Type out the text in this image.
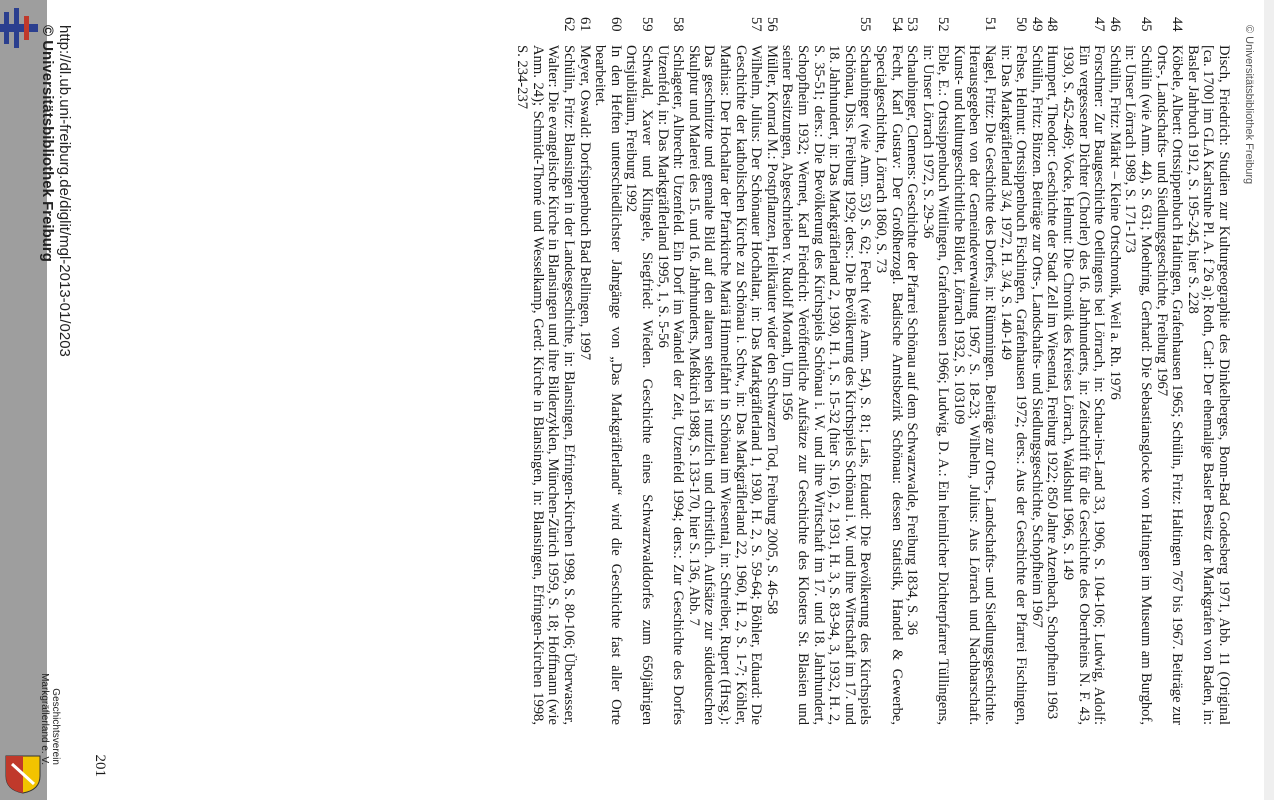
© Universitätsbibliothek Freiburg
Disch, Friedrich: Studien zur Kulturgeographie des Dinkelberges, Bonn-Bad Godesberg 1971, Abb. 11 (Original [ca. 1700] im GLA Karlsruhe Pl. A. f 26 a); Roth, Carl: Der ehemalige Basler Besitz der Markgrafen von Baden, in: Basler Jahrbuch 1912, S. 195-245, hier S. 228
44
Köbele, Albert: Ortssippenbuch Haltingen, Grafenhausen 1965; Schülin, Fritz: Haltingen 767 bis 1967. Beiträge zur Orts-, Landschafts- und Siedlungsgeschichte, Freiburg 1967
45
Schülin (wie Anm. 44), S. 631; Moehring, Gerhard: Die Sebastiansglocke von Haltingen im Museum am Burghof, in: Unser Lörrach 1989, S. 171-173
46
Schülin, Fritz: Märkt – Kleine Ortschronik, Weil a. Rh. 1976
47
Forschner: Zur Baugeschichte Oetlingens bei Lörrach, in: Schau-ins-Land 33, 1906, S. 104-106; Ludwig, Adolf: Ein vergessener Dichter (Chorler) des 16. Jahrhunderts, in: Zeitschrift für die Geschichte des Oberrheins N. F. 43, 1930, S. 452-469; Vocke, Helmut: Die Chronik des Kreises Lörrach, Waldshut 1966, S. 149
48
Humpert, Theodor: Geschichte der Stadt Zell im Wiesental, Freiburg 1922; 850 Jahre Atzenbach, Schopfheim 1963
49
Schülin, Fritz: Binzen. Beiträge zur Orts-, Landschafts- und Siedlungsgeschichte, Schopfheim 1967
50
Fehse, Helmut: Ortssippenbuch Fischingen, Grafenhausen 1972; ders.: Aus der Geschichte der Pfarrei Fischingen, in: Das Markgräflerland 3/4, 1972, H. 3/4, S. 140-149
51
Nagel, Fritz: Die Geschichte des Dorfes, in: Rümmingen. Beiträge zur Orts-, Landschafts- und Siedlungsgeschichte. Herausgegeben von der Gemeindeverwaltung 1967, S. 18-23; Wilhelm, Julius: Aus Lörrach und Nachbarschaft. Kunst- und kulturgeschichtliche Bilder, Lörrach 1932, S. 103109
52
Eble, E.: Ortssippenbuch Wittlingen, Grafenhausen 1966; Ludwig, D. A.: Ein heimlicher Dichterpfarrer Tüllingens, in: Unser Lörrach 1972, S. 29-36
53
Schaubinger, Clemens: Geschichte der Pfarrei Schönau auf dem Schwarzwalde, Freiburg 1834, S. 36
54
Fecht, Karl Gustav: Der Großherzogl. Badische Amtsbezirk Schönau: dessen Statistik, Handel & Gewerbe, Specialgeschichte, Lörrach 1860, S. 73
55
Schaubinger (wie Anm. 53) S. 62; Fecht (wie Anm. 54), S. 81; Lais, Eduard: Die Bevölkerung des Kirchspiels Schönau, Diss. Freiburg 1929; ders.: Die Bevölkerung des Kirchspiels Schönau i. W. und ihre Wirtschaft im 17. und 18. Jahrhundert, in: Das Markgräflerland 2, 1930, H. 1, S. 15-32 (hier S. 16), 2, 1931, H. 3, S. 83-94, 3, 1932, H. 2, S. 35-51; ders.: Die Bevölkerung des Kirchspiels Schönau i. W. und ihre Wirtschaft im 17. und 18. Jahrhundert, Schopfheim 1932; Wernet, Karl Friedrich: Veröffentliche Aufsätze zur Geschichte des Klosters St. Blasien und seiner Besitzungen, Abgeschrieben v. Rudolf Morath, Ulm 1956
56
Müller, Konrad M.: Postpflanzen, Heilkräuter wider den Schwarzen Tod, Freiburg 2005, S. 46-58
57
Wilhelm, Julius: Der Schönauer Hochaltar, in: Das Markgräflerland 1, 1930, H. 2, S. 59-64; Böhler, Eduard: Die Geschichte der katholischen Kirche zu Schönau i. Schw., in: Das Markgräflerland 22, 1960, H. 2, S. 1-7; Köhler, Mathias: Der Hochaltar der Pfarrkirche Mariä Himmelfahrt in Schönau im Wiesental, in: Schreiber, Rupert (Hrsg.): Das geschnitzte und gemalte Bild auf den altaren stehen ist nutzlich und christlich. Aufsätze zur süddeutschen Skulptur und Malerei des 15. und 16. Jahrhunderts, Meßkirch 1988, S. 133-170, hier S. 136, Abb. 7
58
Schlageter, Albrecht: Utzenfeld. Ein Dorf im Wandel der Zeit, Utzenfeld 1994; ders.: Zur Geschichte des Dorfes Utzenfeld, in: Das Markgräflerland 1995, 1, S. 5-56
59
Schwald, Xaver und Klingele, Siegfried: Wieden. Geschichte eines Schwarzwalddorfes zum 650jährigen Ortsjubiläum, Freiburg 1992
60
In den Heften unterschiedlichster Jahrgänge von „Das Markgräflerland“ wird die Geschichte fast aller Orte bearbeitet.
61
Meyer, Oswald: Dorfsippenbuch Bad Bellingen, 1997
62
Schülin, Fritz: Blansingen in der Landesgeschichte, in: Blansingen, Efringen-Kirchen 1998, S. 80-106; Überwasser, Walter: Die evangelische Kirche in Blansingen und ihre Bilderzyklen, München-Zürich 1959, S. 18; Hoffmann (wie Anm. 24); Schmidt-Thomé und Wesselkamp, Gerd: Kirche in Blansingen, in: Blansingen, Efringen-Kirchen 1998, S. 234-237
201
http://dl.ub.uni-freiburg.de/diglit/mgl-2013-01/0203
© Universitätsbibliothek Freiburg
Geschichtsverein
Markgräflerland e. V.
